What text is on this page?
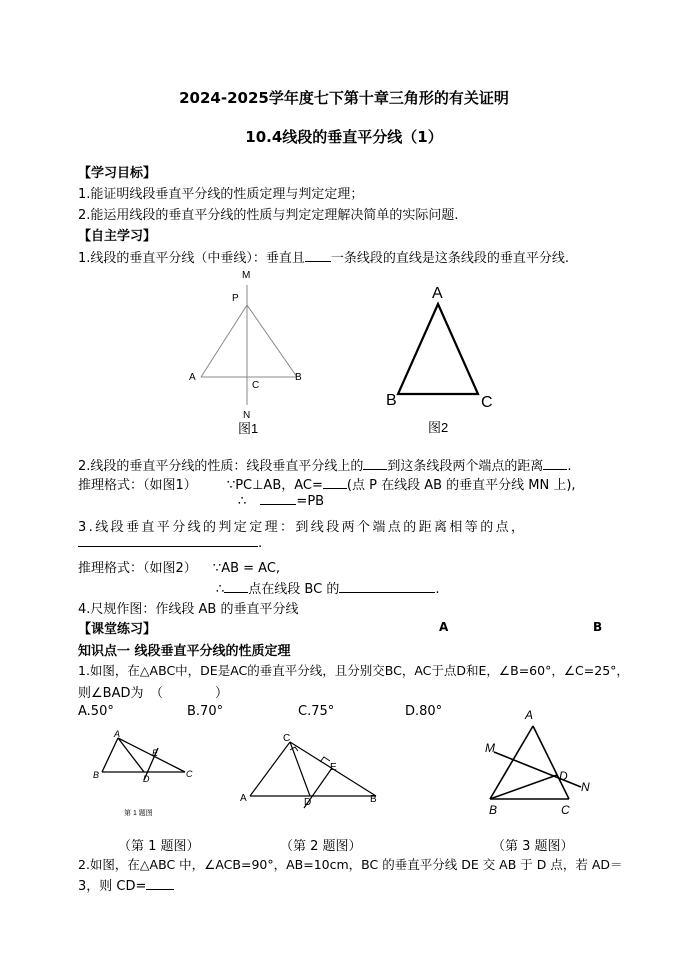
2024-2025学年度七下第十章三角形的有关证明
10.4线段的垂直平分线（1）
【学习目标】
1.能证明线段垂直平分线的性质定理与判定定理；
2.能运用线段的垂直平分线的性质与判定定理解决简单的实际问题.
【自主学习】
1.线段的垂直平分线（中垂线）：垂直且 一条线段的直线是这条线段的垂直平分线.
M
P
A	B
C
N
图1
A
B	C
图2
2.线段的垂直平分线的性质：线段垂直平分线上的 到这条线段两个端点的距离 .
推理格式：（如图1） ∵PC⊥AB，AC= (点 P 在线段 AB 的垂直平分线 MN 上),
∴	=PB
3.线段垂直平分线的判定定理：到线段两个端点的距离相等的点，
.
推理格式：（如图2） ∵AB = AC,
∴ 点在线段 BC 的	.
4.尺规作图：作线段 AB 的垂直平分线
【课堂练习】	A	B
知识点一 线段垂直平分线的性质定理
1.如图，在△ABC中，DE是AC的垂直平分线，且分别交BC，AC于点D和E，∠B=60°，∠C=25°，
则∠BAD为　（　　　　）
A.50°	B.70°	C.75°	D.80°
A
B	C
D
E
第 1 题图
C
A	B
D
E
A
M
D
N
B	C
（第 1 题图）	（第 2 题图）	（第 3 题图）
2.如图，在△ABC 中，∠ACB=90°，AB=10cm，BC 的垂直平分线 DE 交 AB 于 D 点，若 AD＝
3，则 CD=
